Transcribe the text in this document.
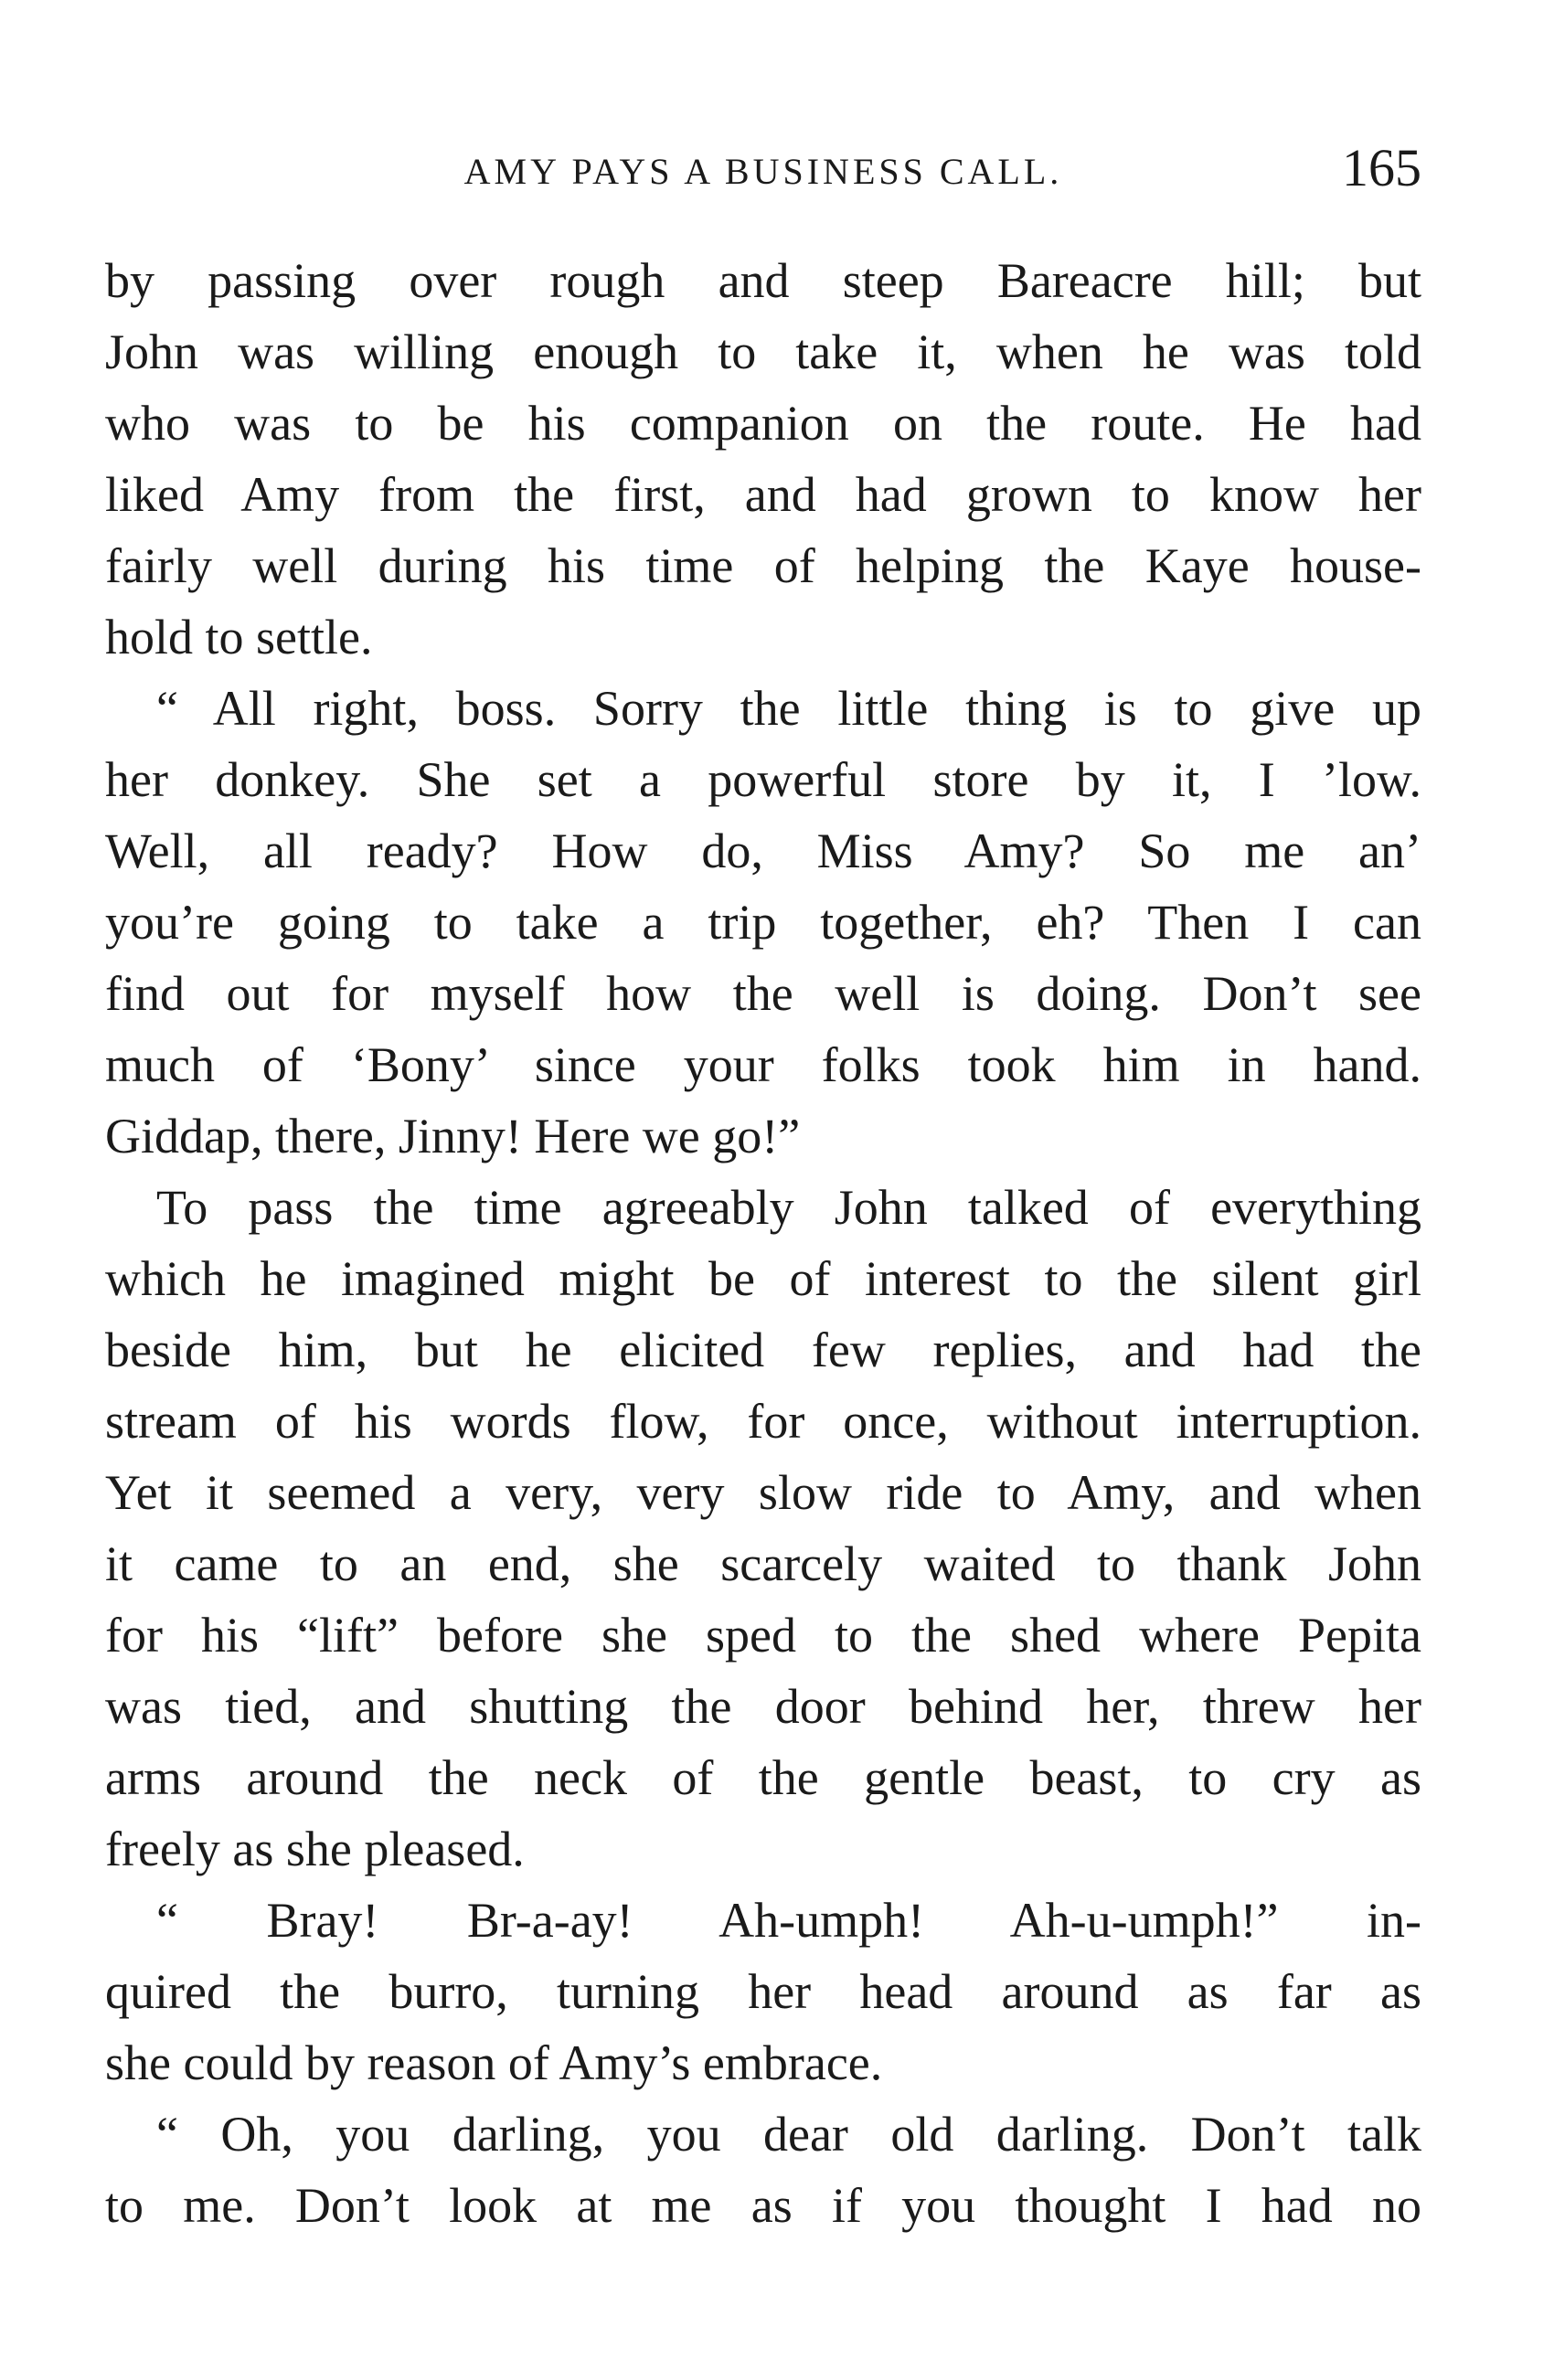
AMY PAYS A BUSINESS CALL.	165
by passing over rough and steep Bareacre hill; but
John was willing enough to take it, when he was told
who was to be his companion on the route. He had
liked Amy from the first, and had grown to know her
fairly well during his time of helping the Kaye house-
hold to settle.
“ All right, boss. Sorry the little thing is to give up
her donkey. She set a powerful store by it, I ’low.
Well, all ready? How do, Miss Amy? So me an’
you’re going to take a trip together, eh? Then I can
find out for myself how the well is doing. Don’t see
much of ‘Bony’ since your folks took him in hand.
Giddap, there, Jinny! Here we go!”
To pass the time agreeably John talked of everything
which he imagined might be of interest to the silent girl
beside him, but he elicited few replies, and had the
stream of his words flow, for once, without interruption.
Yet it seemed a very, very slow ride to Amy, and when
it came to an end, she scarcely waited to thank John
for his “lift” before she sped to the shed where Pepita
was tied, and shutting the door behind her, threw her
arms around the neck of the gentle beast, to cry as
freely as she pleased.
“ Bray! Br-a-ay! Ah-umph! Ah-u-umph!” in-
quired the burro, turning her head around as far as
she could by reason of Amy’s embrace.
“ Oh, you darling, you dear old darling. Don’t talk
to me. Don’t look at me as if you thought I had no
